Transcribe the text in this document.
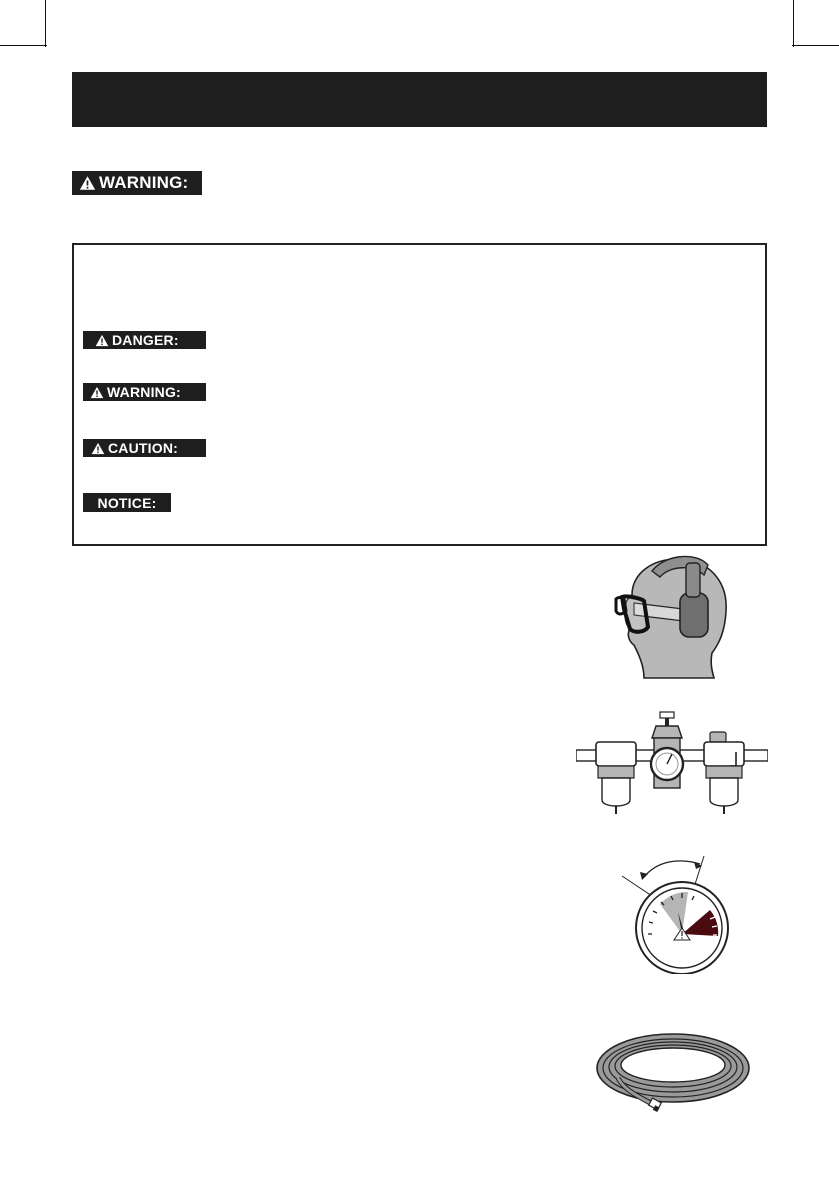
WARNING:
DANGER:
WARNING:
CAUTION:
NOTICE:
